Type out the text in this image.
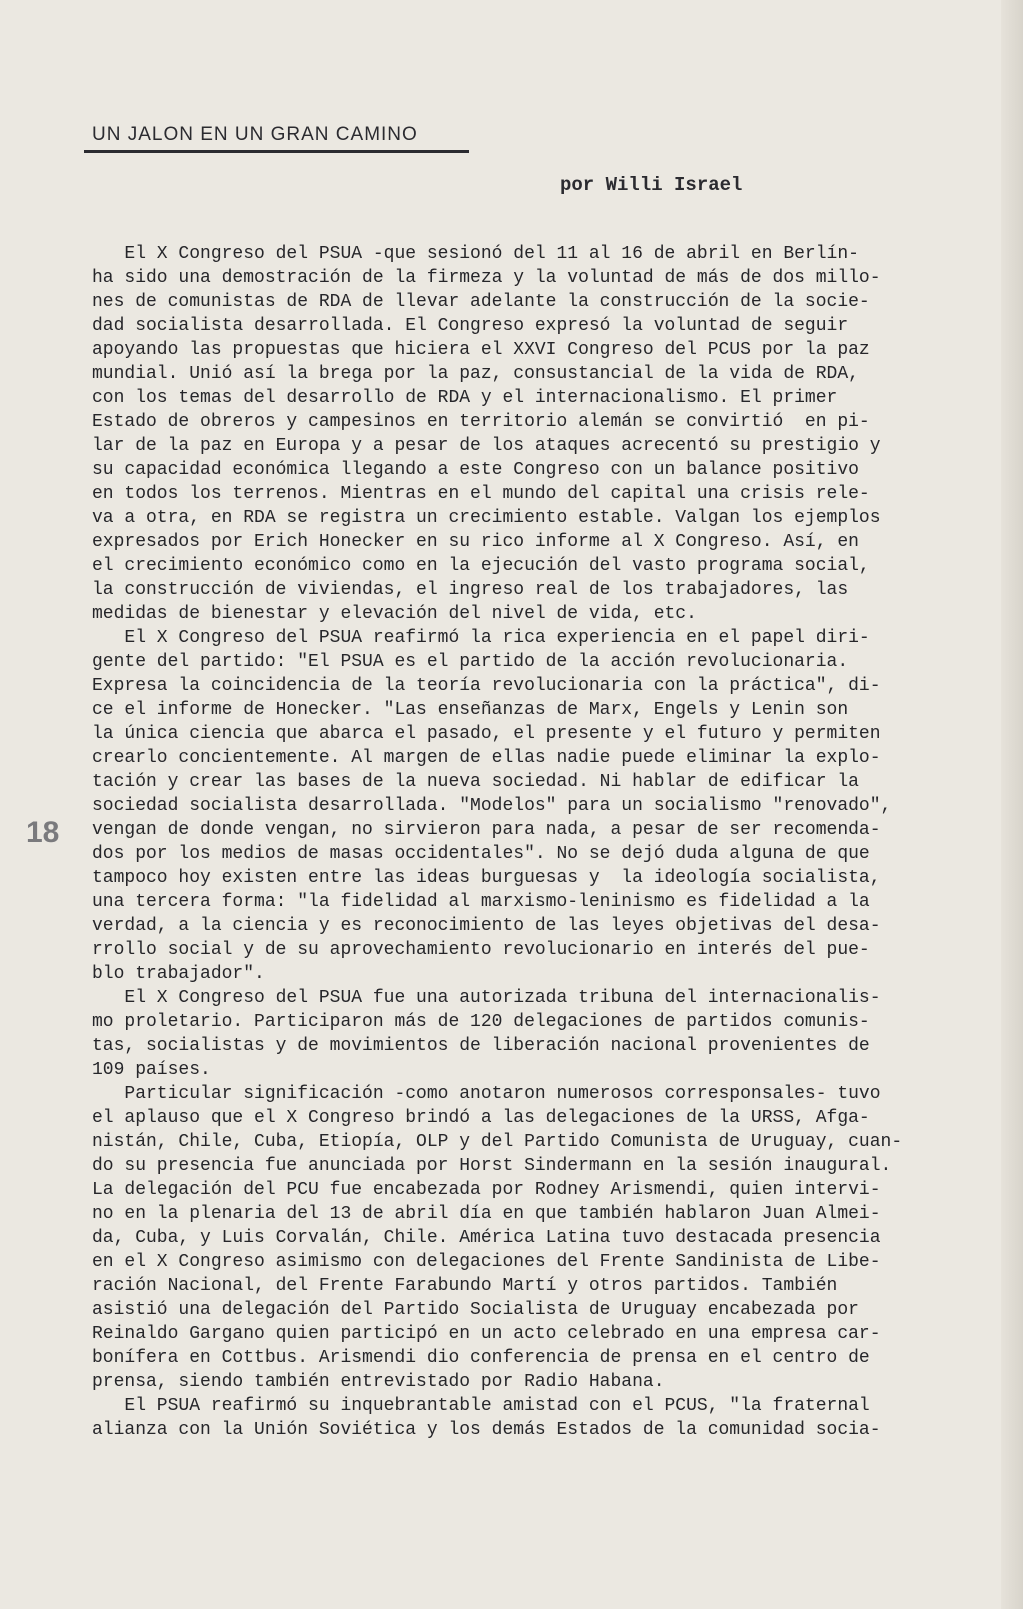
UN JALON EN UN GRAN CAMINO
por Willi Israel
El X Congreso del PSUA -que sesionó del 11 al 16 de abril en Berlín-
ha sido una demostración de la firmeza y la voluntad de más de dos millo-
nes de comunistas de RDA de llevar adelante la construcción de la socie-
dad socialista desarrollada. El Congreso expresó la voluntad de seguir
apoyando las propuestas que hiciera el XXVI Congreso del PCUS por la paz
mundial. Unió así la brega por la paz, consustancial de la vida de RDA,
con los temas del desarrollo de RDA y el internacionalismo. El primer
Estado de obreros y campesinos en territorio alemán se convirtió  en pi-
lar de la paz en Europa y a pesar de los ataques acrecentó su prestigio y
su capacidad económica llegando a este Congreso con un balance positivo
en todos los terrenos. Mientras en el mundo del capital una crisis rele-
va a otra, en RDA se registra un crecimiento estable. Valgan los ejemplos
expresados por Erich Honecker en su rico informe al X Congreso. Así, en
el crecimiento económico como en la ejecución del vasto programa social,
la construcción de viviendas, el ingreso real de los trabajadores, las
medidas de bienestar y elevación del nivel de vida, etc.
El X Congreso del PSUA reafirmó la rica experiencia en el papel diri-
gente del partido: "El PSUA es el partido de la acción revolucionaria.
Expresa la coincidencia de la teoría revolucionaria con la práctica", di-
ce el informe de Honecker. "Las enseñanzas de Marx, Engels y Lenin son
la única ciencia que abarca el pasado, el presente y el futuro y permiten
crearlo concientemente. Al margen de ellas nadie puede eliminar la explo-
tación y crear las bases de la nueva sociedad. Ni hablar de edificar la
sociedad socialista desarrollada. "Modelos" para un socialismo "renovado",
vengan de donde vengan, no sirvieron para nada, a pesar de ser recomenda-
dos por los medios de masas occidentales". No se dejó duda alguna de que
tampoco hoy existen entre las ideas burguesas y  la ideología socialista,
una tercera forma: "la fidelidad al marxismo-leninismo es fidelidad a la
verdad, a la ciencia y es reconocimiento de las leyes objetivas del desa-
rrollo social y de su aprovechamiento revolucionario en interés del pue-
blo trabajador".
El X Congreso del PSUA fue una autorizada tribuna del internacionalis-
mo proletario. Participaron más de 120 delegaciones de partidos comunis-
tas, socialistas y de movimientos de liberación nacional provenientes de
109 países.
Particular significación -como anotaron numerosos corresponsales- tuvo
el aplauso que el X Congreso brindó a las delegaciones de la URSS, Afga-
nistán, Chile, Cuba, Etiopía, OLP y del Partido Comunista de Uruguay, cuan-
do su presencia fue anunciada por Horst Sindermann en la sesión inaugural.
La delegación del PCU fue encabezada por Rodney Arismendi, quien intervi-
no en la plenaria del 13 de abril día en que también hablaron Juan Almei-
da, Cuba, y Luis Corvalán, Chile. América Latina tuvo destacada presencia
en el X Congreso asimismo con delegaciones del Frente Sandinista de Libe-
ración Nacional, del Frente Farabundo Martí y otros partidos. También
asistió una delegación del Partido Socialista de Uruguay encabezada por
Reinaldo Gargano quien participó en un acto celebrado en una empresa car-
bonífera en Cottbus. Arismendi dio conferencia de prensa en el centro de
prensa, siendo también entrevistado por Radio Habana.
El PSUA reafirmó su inquebrantable amistad con el PCUS, "la fraternal
alianza con la Unión Soviética y los demás Estados de la comunidad socia-
18
